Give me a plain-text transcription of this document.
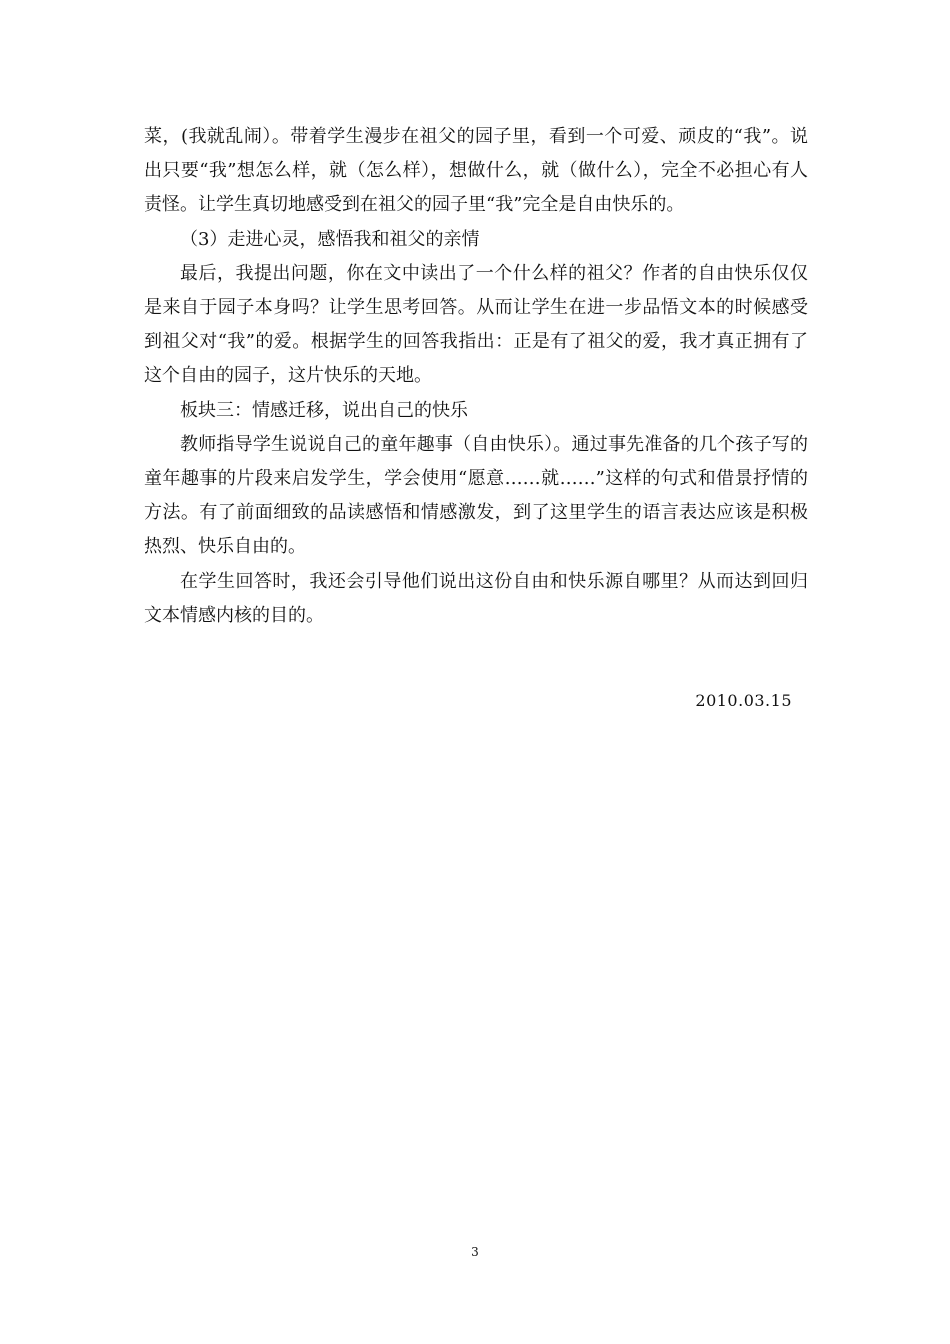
菜，(我就乱闹）。带着学生漫步在祖父的园子里，看到一个可爱、顽皮的“我”。说出只要“我”想怎么样，就（怎么样），想做什么，就（做什么），完全不必担心有人责怪。让学生真切地感受到在祖父的园子里“我”完全是自由快乐的。

（3）走进心灵，感悟我和祖父的亲情

最后，我提出问题，你在文中读出了一个什么样的祖父？作者的自由快乐仅仅是来自于园子本身吗？让学生思考回答。从而让学生在进一步品悟文本的时候感受到祖父对“我”的爱。根据学生的回答我指出：正是有了祖父的爱，我才真正拥有了这个自由的园子，这片快乐的天地。

板块三：情感迁移，说出自己的快乐

教师指导学生说说自己的童年趣事（自由快乐）。通过事先准备的几个孩子写的童年趣事的片段来启发学生，学会使用“愿意……就……”这样的句式和借景抒情的方法。有了前面细致的品读感悟和情感激发，到了这里学生的语言表达应该是积极热烈、快乐自由的。

在学生回答时，我还会引导他们说出这份自由和快乐源自哪里？从而达到回归文本情感内核的目的。

2010.03.15
3
